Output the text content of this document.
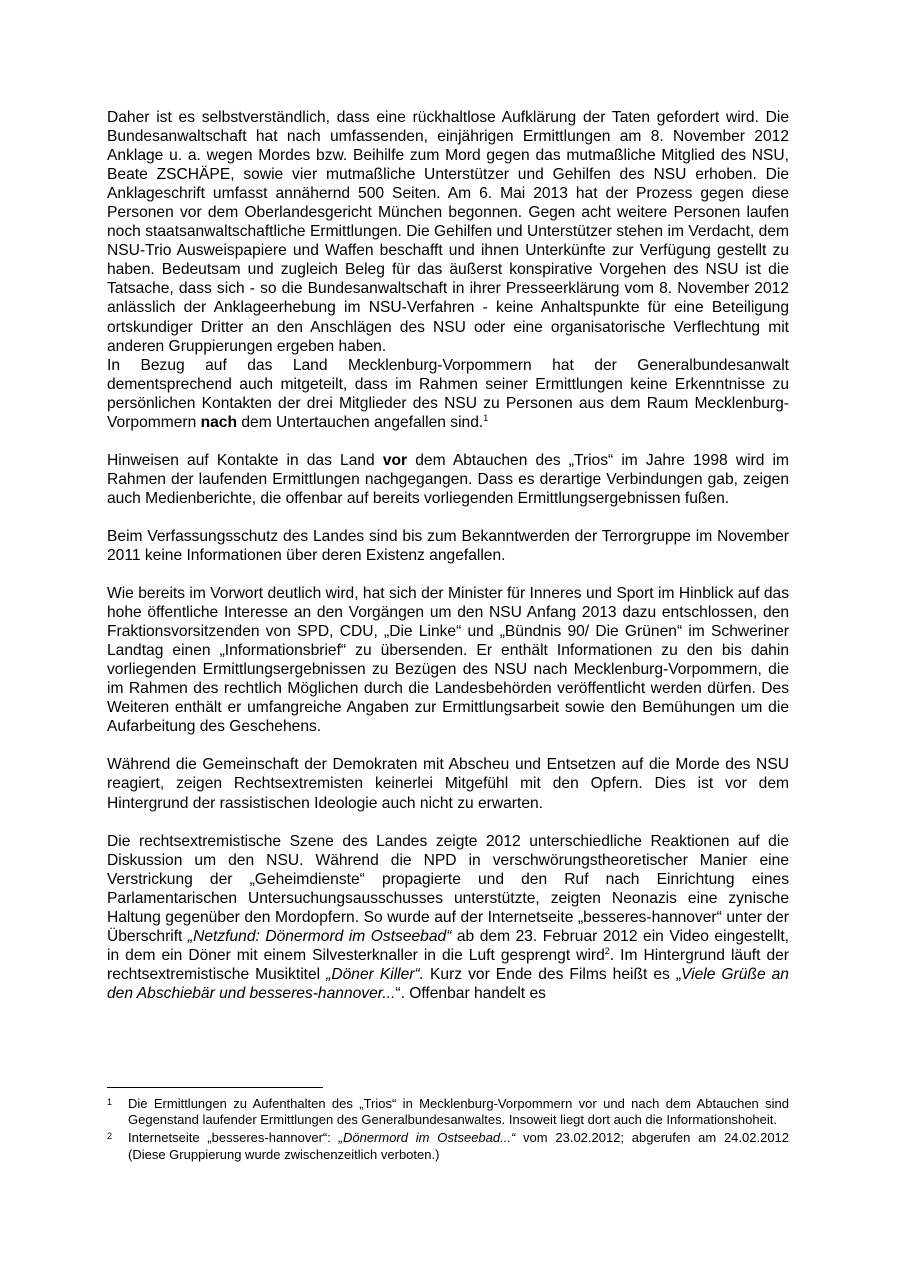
Daher ist es selbstverständlich, dass eine rückhaltlose Aufklärung der Taten gefordert wird. Die Bundesanwaltschaft hat nach umfassenden, einjährigen Ermittlungen am 8. November 2012 Anklage u. a. wegen Mordes bzw. Beihilfe zum Mord gegen das mutmaßliche Mitglied des NSU, Beate ZSCHÄPE, sowie vier mutmaßliche Unterstützer und Gehilfen des NSU erhoben. Die Anklageschrift umfasst annähernd 500 Seiten. Am 6. Mai 2013 hat der Prozess gegen diese Personen vor dem Oberlandesgericht München begonnen. Gegen acht weitere Personen laufen noch staatsanwaltschaftliche Ermittlungen. Die Gehilfen und Unterstützer stehen im Verdacht, dem NSU-Trio Ausweispapiere und Waffen beschafft und ihnen Unterkünfte zur Verfügung gestellt zu haben. Bedeutsam und zugleich Beleg für das äußerst konspirative Vorgehen des NSU ist die Tatsache, dass sich - so die Bundesanwaltschaft in ihrer Presseerklärung vom 8. November 2012 anlässlich der Anklageerhebung im NSU-Verfahren - keine Anhaltspunkte für eine Beteiligung ortskundiger Dritter an den Anschlägen des NSU oder eine organisatorische Verflechtung mit anderen Gruppierungen ergeben haben.

In Bezug auf das Land Mecklenburg-Vorpommern hat der Generalbundesanwalt dementsprechend auch mitgeteilt, dass im Rahmen seiner Ermittlungen keine Erkenntnisse zu persönlichen Kontakten der drei Mitglieder des NSU zu Personen aus dem Raum Mecklenburg-Vorpommern nach dem Untertauchen angefallen sind.$^1$

Hinweisen auf Kontakte in das Land vor dem Abtauchen des „Trios“ im Jahre 1998 wird im Rahmen der laufenden Ermittlungen nachgegangen. Dass es derartige Verbindungen gab, zeigen auch Medienberichte, die offenbar auf bereits vorliegenden Ermittlungsergebnissen fußen.

Beim Verfassungsschutz des Landes sind bis zum Bekanntwerden der Terrorgruppe im November 2011 keine Informationen über deren Existenz angefallen.

Wie bereits im Vorwort deutlich wird, hat sich der Minister für Inneres und Sport im Hinblick auf das hohe öffentliche Interesse an den Vorgängen um den NSU Anfang 2013 dazu entschlossen, den Fraktionsvorsitzenden von SPD, CDU, „Die Linke“ und „Bündnis 90/ Die Grünen“ im Schweriner Landtag einen „Informationsbrief“ zu übersenden. Er enthält Informationen zu den bis dahin vorliegenden Ermittlungsergebnissen zu Bezügen des NSU nach Mecklenburg-Vorpommern, die im Rahmen des rechtlich Möglichen durch die Landesbehörden veröffentlicht werden dürfen. Des Weiteren enthält er umfangreiche Angaben zur Ermittlungsarbeit sowie den Bemühungen um die Aufarbeitung des Geschehens.

Während die Gemeinschaft der Demokraten mit Abscheu und Entsetzen auf die Morde des NSU reagiert, zeigen Rechtsextremisten keinerlei Mitgefühl mit den Opfern. Dies ist vor dem Hintergrund der rassistischen Ideologie auch nicht zu erwarten.

Die rechtsextremistische Szene des Landes zeigte 2012 unterschiedliche Reaktionen auf die Diskussion um den NSU. Während die NPD in verschwörungstheoretischer Manier eine Verstrickung der „Geheimdienste“ propagierte und den Ruf nach Einrichtung eines Parlamentarischen Untersuchungsausschusses unterstützte, zeigten Neonazis eine zynische Haltung gegenüber den Mordopfern. So wurde auf der Internetseite „besseres-hannover“ unter der Überschrift „Netzfund: Dönermord im Ostseebad“ ab dem 23. Februar 2012 ein Video eingestellt, in dem ein Döner mit einem Silvesterknaller in die Luft gesprengt wird$^2$. Im Hintergrund läuft der rechtsextremistische Musiktitel „Döner Killer“. Kurz vor Ende des Films heißt es „Viele Grüße an den Abschiebär und besseres-hannover...“. Offenbar handelt es

1	Die Ermittlungen zu Aufenthalten des „Trios“ in Mecklenburg-Vorpommern vor und nach dem Abtauchen sind Gegenstand laufender Ermittlungen des Generalbundesanwaltes. Insoweit liegt dort auch die Informationshoheit.
2	Internetseite „besseres-hannover“: „Dönermord im Ostseebad...“ vom 23.02.2012; abgerufen am 24.02.2012 (Diese Gruppierung wurde zwischenzeitlich verboten.)
